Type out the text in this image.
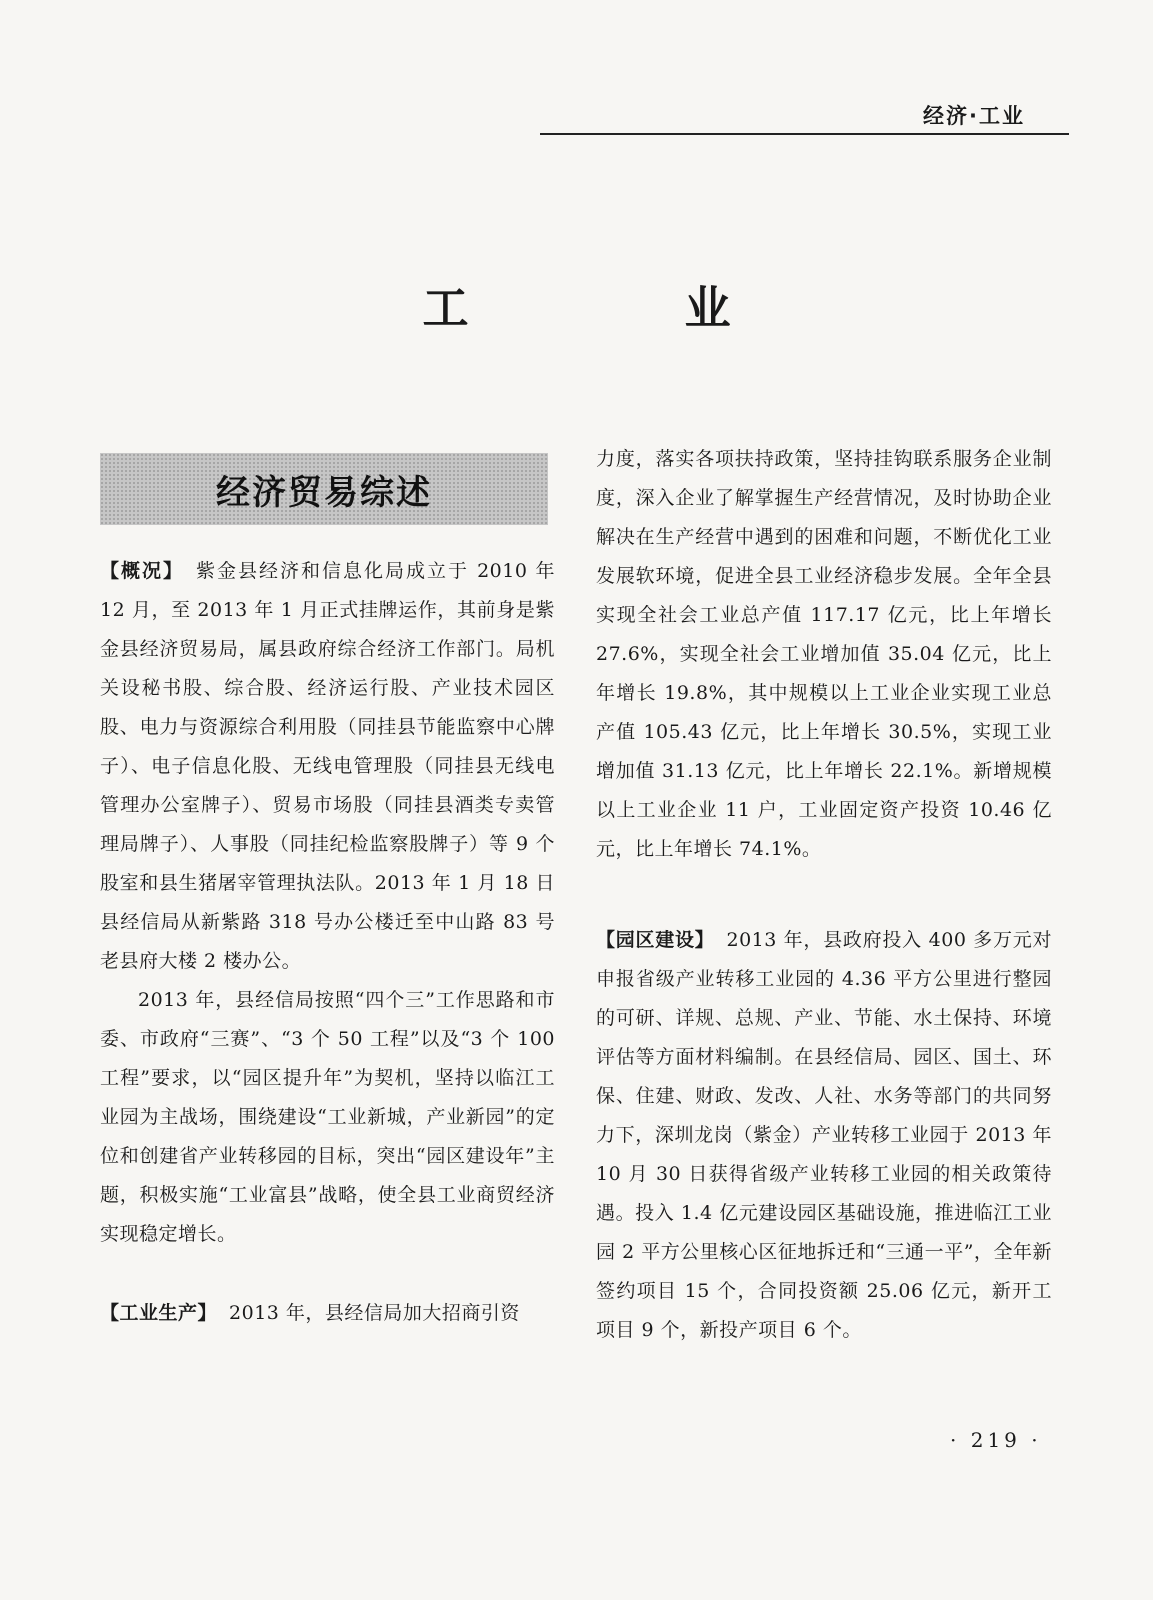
经济·工业
工 业
经济贸易综述

【概况】 紫金县经济和信息化局成立于 2010 年 12 月，至 2013 年 1 月正式挂牌运作，其前身是紫金县经济贸易局，属县政府综合经济工作部门。局机关设秘书股、综合股、经济运行股、产业技术园区股、电力与资源综合利用股（同挂县节能监察中心牌子）、电子信息化股、无线电管理股（同挂县无线电管理办公室牌子）、贸易市场股（同挂县酒类专卖管理局牌子）、人事股（同挂纪检监察股牌子）等 9 个股室和县生猪屠宰管理执法队。2013 年 1 月 18 日县经信局从新紫路 318 号办公楼迁至中山路 83 号老县府大楼 2 楼办公。

2013 年，县经信局按照“四个三”工作思路和市委、市政府“三赛”、“3 个 50 工程”以及“3 个 100 工程”要求，以“园区提升年”为契机，坚持以临江工业园为主战场，围绕建设“工业新城，产业新园”的定位和创建省产业转移园的目标，突出“园区建设年”主题，积极实施“工业富县”战略，使全县工业商贸经济实现稳定增长。

【工业生产】 2013 年，县经信局加大招商引资

力度，落实各项扶持政策，坚持挂钩联系服务企业制度，深入企业了解掌握生产经营情况，及时协助企业解决在生产经营中遇到的困难和问题，不断优化工业发展软环境，促进全县工业经济稳步发展。全年全县实现全社会工业总产值 117.17 亿元，比上年增长 27.6%，实现全社会工业增加值 35.04 亿元，比上年增长 19.8%，其中规模以上工业企业实现工业总产值 105.43 亿元，比上年增长 30.5%，实现工业增加值 31.13 亿元，比上年增长 22.1%。新增规模以上工业企业 11 户，工业固定资产投资 10.46 亿元，比上年增长 74.1%。

【园区建设】 2013 年，县政府投入 400 多万元对申报省级产业转移工业园的 4.36 平方公里进行整园的可研、详规、总规、产业、节能、水土保持、环境评估等方面材料编制。在县经信局、园区、国土、环保、住建、财政、发改、人社、水务等部门的共同努力下，深圳龙岗（紫金）产业转移工业园于 2013 年 10 月 30 日获得省级产业转移工业园的相关政策待遇。投入 1.4 亿元建设园区基础设施，推进临江工业园 2 平方公里核心区征地拆迁和“三通一平”，全年新签约项目 15 个，合同投资额 25.06 亿元，新开工项目 9 个，新投产项目 6 个。

· 219 ·
